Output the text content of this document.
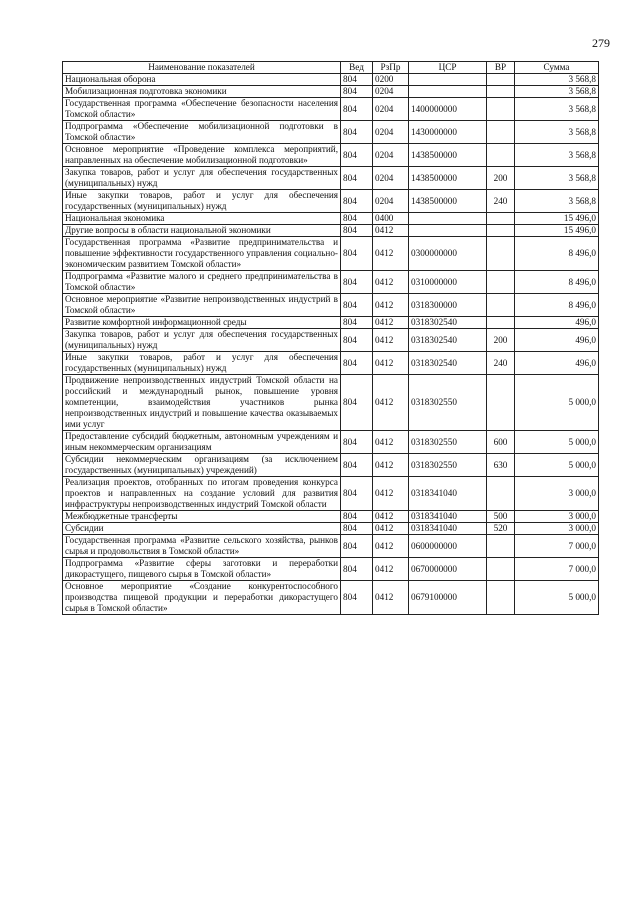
279
Наименование показателей	Вед	РзПр	ЦСР	ВР	Сумма
Национальная оборона	804	0200			3 568,8
Мобилизационная подготовка экономики	804	0204			3 568,8
Государственная программа «Обеспечение безопасности населения Томской области»	804	0204	1400000000		3 568,8
Подпрограмма «Обеспечение мобилизационной подготовки в Томской области»	804	0204	1430000000		3 568,8
Основное мероприятие «Проведение комплекса мероприятий, направленных на обеспечение мобилизационной подготовки»	804	0204	1438500000		3 568,8
Закупка товаров, работ и услуг для обеспечения государственных (муниципальных) нужд	804	0204	1438500000	200	3 568,8
Иные закупки товаров, работ и услуг для обеспечения государственных (муниципальных) нужд	804	0204	1438500000	240	3 568,8
Национальная экономика	804	0400			15 496,0
Другие вопросы в области национальной экономики	804	0412			15 496,0
Государственная программа «Развитие предпринимательства и повышение эффективности государственного управления социально-экономическим развитием Томской области»	804	0412	0300000000		8 496,0
Подпрограмма «Развитие малого и среднего предпринимательства в Томской области»	804	0412	0310000000		8 496,0
Основное мероприятие «Развитие непроизводственных индустрий в Томской области»	804	0412	0318300000		8 496,0
Развитие комфортной информационной среды	804	0412	0318302540		496,0
Закупка товаров, работ и услуг для обеспечения государственных (муниципальных) нужд	804	0412	0318302540	200	496,0
Иные закупки товаров, работ и услуг для обеспечения государственных (муниципальных) нужд	804	0412	0318302540	240	496,0
Продвижение непроизводственных индустрий Томской области на российский и международный рынок, повышение уровня компетенции, взаимодействия участников рынка непроизводственных индустрий и повышение качества оказываемых ими услуг	804	0412	0318302550		5 000,0
Предоставление субсидий бюджетным, автономным учреждениям и иным некоммерческим организациям	804	0412	0318302550	600	5 000,0
Субсидии некоммерческим организациям (за исключением государственных (муниципальных) учреждений)	804	0412	0318302550	630	5 000,0
Реализация проектов, отобранных по итогам проведения конкурса проектов и направленных на создание условий для развития инфраструктуры непроизводственных индустрий Томской области	804	0412	0318341040		3 000,0
Межбюджетные трансферты	804	0412	0318341040	500	3 000,0
Субсидии	804	0412	0318341040	520	3 000,0
Государственная программа «Развитие сельского хозяйства, рынков сырья и продовольствия в Томской области»	804	0412	0600000000		7 000,0
Подпрограмма «Развитие сферы заготовки и переработки дикорастущего, пищевого сырья в Томской области»	804	0412	0670000000		7 000,0
Основное мероприятие «Создание конкурентоспособного производства пищевой продукции и переработки дикорастущего сырья в Томской области»	804	0412	0679100000		5 000,0
